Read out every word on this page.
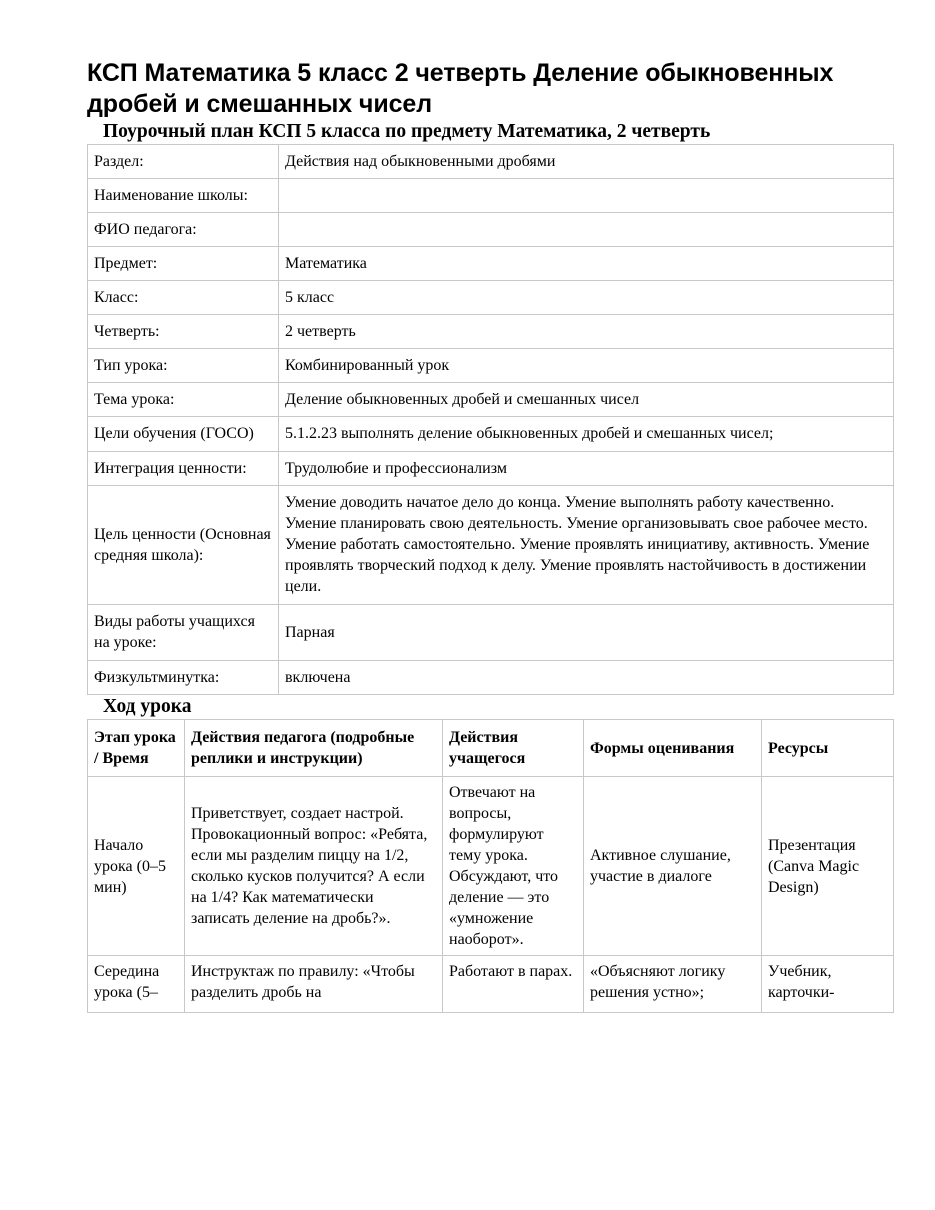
КСП Математика 5 класс 2 четверть Деление обыкновенных дробей и смешанных чисел
Поурочный план КСП 5 класса по предмету Математика, 2 четверть
Раздел:	Действия над обыкновенными дробями
Наименование школы:	
ФИО педагога:	
Предмет:	Математика
Класс:	5 класс
Четверть:	2 четверть
Тип урока:	Комбинированный урок
Тема урока:	Деление обыкновенных дробей и смешанных чисел
Цели обучения (ГОСО)	5.1.2.23 выполнять деление обыкновенных дробей и смешанных чисел;
Интеграция ценности:	Трудолюбие и профессионализм
Цель ценности (Основная средняя школа):	Умение доводить начатое дело до конца. Умение выполнять работу качественно. Умение планировать свою деятельность. Умение организовывать свое рабочее место. Умение работать самостоятельно. Умение проявлять инициативу, активность. Умение проявлять творческий подход к делу. Умение проявлять настойчивость в достижении цели.
Виды работы учащихся на уроке:	Парная
Физкультминутка:	включена
Ход урока
Этап урока / Время	Действия педагога (подробные реплики и инструкции)	Действия учащегося	Формы оценивания	Ресурсы
Начало урока (0–5 мин)	Приветствует, создает настрой. Провокационный вопрос: «Ребята, если мы разделим пиццу на 1/2, сколько кусков получится? А если на 1/4? Как математически записать деление на дробь?».	Отвечают на вопросы, формулируют тему урока. Обсуждают, что деление — это «умножение наоборот».	Активное слушание, участие в диалоге	Презентация (Canva Magic Design)
Середина урока (5–	Инструктаж по правилу: «Чтобы разделить дробь на	Работают в парах.	«Объясняют логику решения устно»;	Учебник, карточки-
